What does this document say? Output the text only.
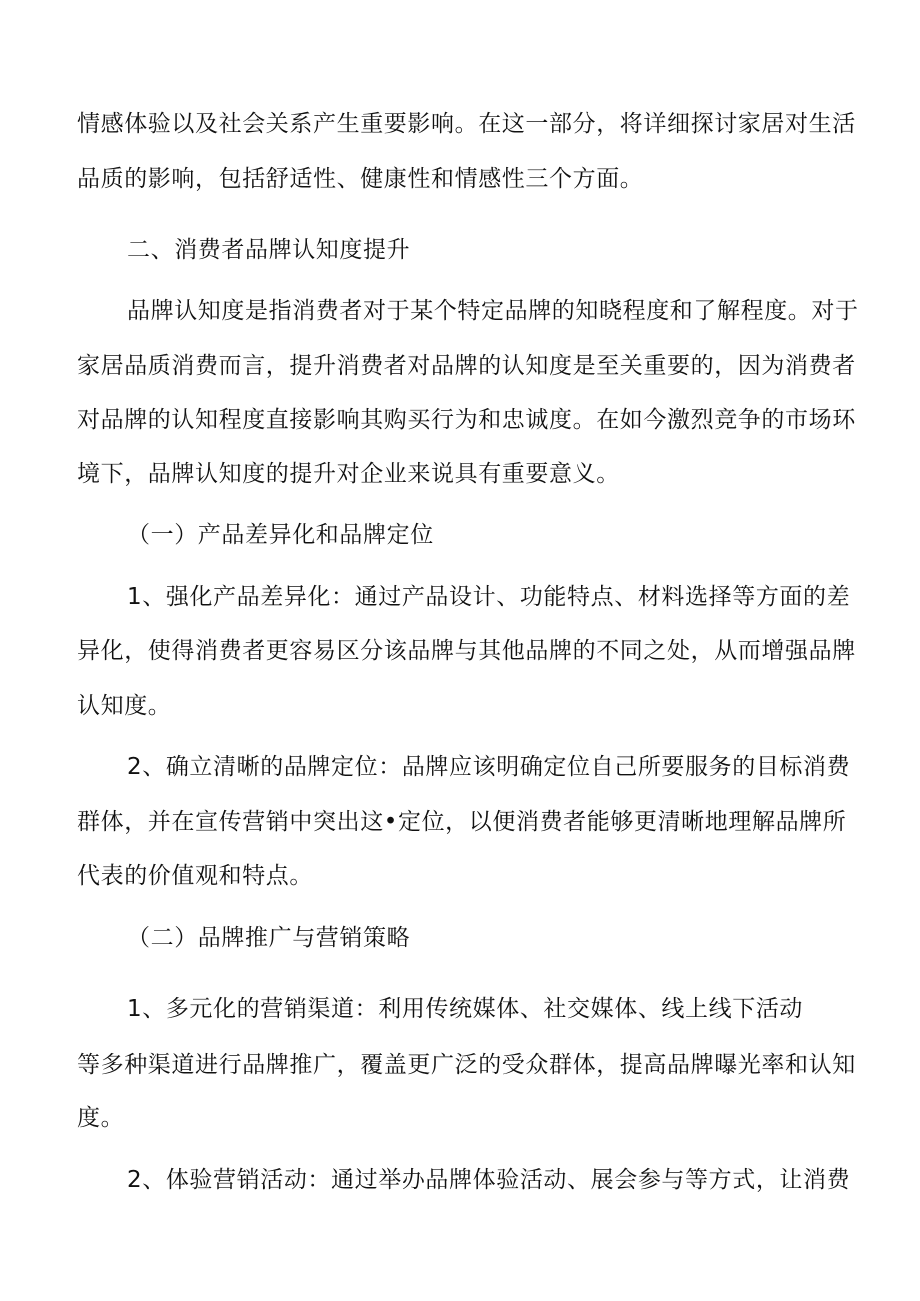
情感体验以及社会关系产生重要影响。在这一部分，将详细探讨家居对生活
品质的影响，包括舒适性、健康性和情感性三个方面。
二、消费者品牌认知度提升
品牌认知度是指消费者对于某个特定品牌的知晓程度和了解程度。对于
家居品质消费而言，提升消费者对品牌的认知度是至关重要的，因为消费者
对品牌的认知程度直接影响其购买行为和忠诚度。在如今激烈竞争的市场环
境下，品牌认知度的提升对企业来说具有重要意义。
（一）产品差异化和品牌定位
1、强化产品差异化：通过产品设计、功能特点、材料选择等方面的差
异化，使得消费者更容易区分该品牌与其他品牌的不同之处，从而增强品牌
认知度。
2、确立清晰的品牌定位：品牌应该明确定位自己所要服务的目标消费
群体，并在宣传营销中突出这•定位，以便消费者能够更清晰地理解品牌所
代表的价值观和特点。
（二）品牌推广与营销策略
1、多元化的营销渠道：利用传统媒体、社交媒体、线上线下活动
等多种渠道进行品牌推广，覆盖更广泛的受众群体，提高品牌曝光率和认知
度。
2、体验营销活动：通过举办品牌体验活动、展会参与等方式，让消费
